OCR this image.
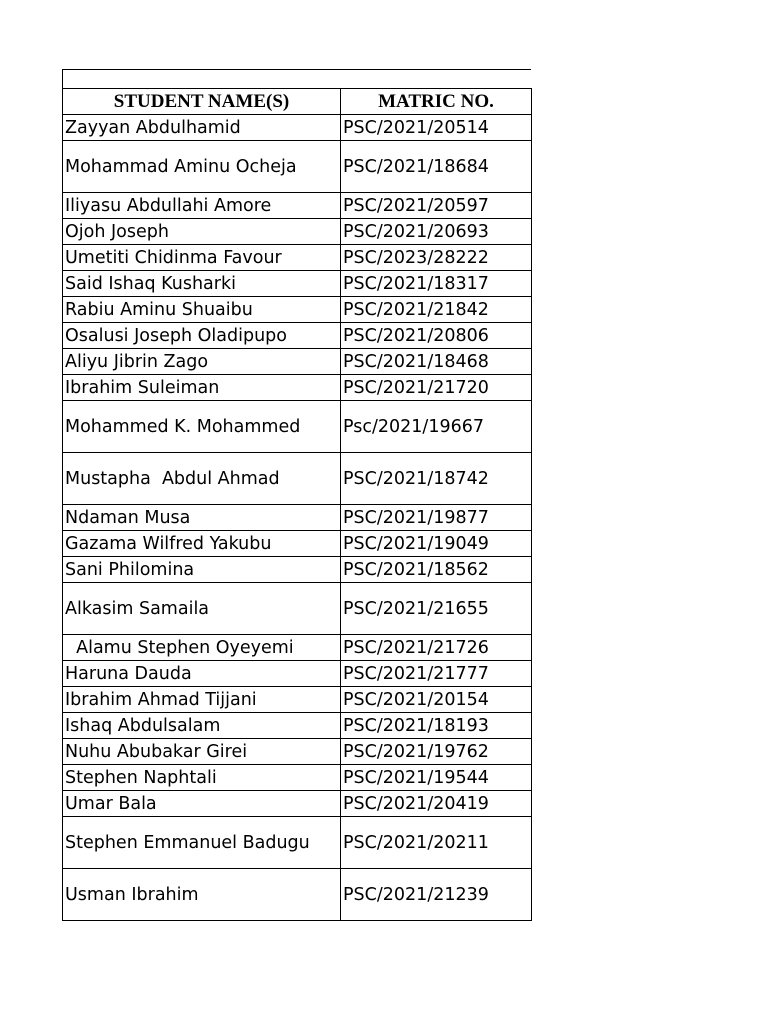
STUDENT NAME(S)	MATRIC NO.
Zayyan Abdulhamid	PSC/2021/20514
Mohammad Aminu Ocheja	PSC/2021/18684
Iliyasu Abdullahi Amore	PSC/2021/20597
Ojoh Joseph	PSC/2021/20693
Umetiti Chidinma Favour	PSC/2023/28222
Said Ishaq Kusharki	PSC/2021/18317
Rabiu Aminu Shuaibu	PSC/2021/21842
Osalusi Joseph Oladipupo	PSC/2021/20806
Aliyu Jibrin Zago	PSC/2021/18468
Ibrahim Suleiman	PSC/2021/21720
Mohammed K. Mohammed	Psc/2021/19667
Mustapha  Abdul Ahmad	PSC/2021/18742
Ndaman Musa	PSC/2021/19877
Gazama Wilfred Yakubu	PSC/2021/19049
Sani Philomina	PSC/2021/18562
Alkasim Samaila	PSC/2021/21655
Alamu Stephen Oyeyemi	PSC/2021/21726
Haruna Dauda	PSC/2021/21777
Ibrahim Ahmad Tijjani	PSC/2021/20154
Ishaq Abdulsalam	PSC/2021/18193
Nuhu Abubakar Girei	PSC/2021/19762
Stephen Naphtali	PSC/2021/19544
Umar Bala	PSC/2021/20419
Stephen Emmanuel Badugu	PSC/2021/20211
Usman Ibrahim	PSC/2021/21239
